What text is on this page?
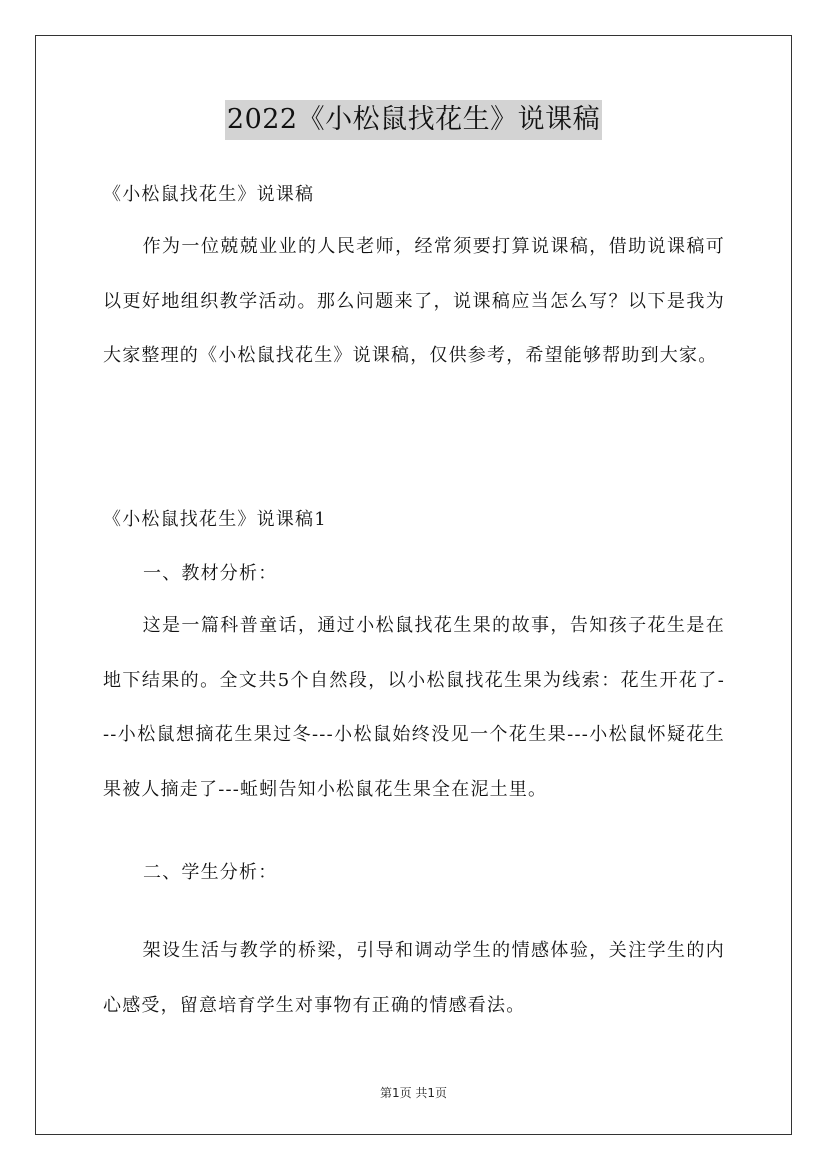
2022《小松鼠找花生》说课稿
《小松鼠找花生》说课稿
作为一位兢兢业业的人民老师，经常须要打算说课稿，借助说课稿可以更好地组织教学活动。那么问题来了，说课稿应当怎么写？以下是我为大家整理的《小松鼠找花生》说课稿，仅供参考，希望能够帮助到大家。
《小松鼠找花生》说课稿1
一、教材分析：
这是一篇科普童话，通过小松鼠找花生果的故事，告知孩子花生是在地下结果的。全文共5个自然段，以小松鼠找花生果为线索：花生开花了---小松鼠想摘花生果过冬---小松鼠始终没见一个花生果---小松鼠怀疑花生果被人摘走了---蚯蚓告知小松鼠花生果全在泥土里。
二、学生分析：
架设生活与教学的桥梁，引导和调动学生的情感体验，关注学生的内心感受，留意培育学生对事物有正确的情感看法。
第1页 共1页
